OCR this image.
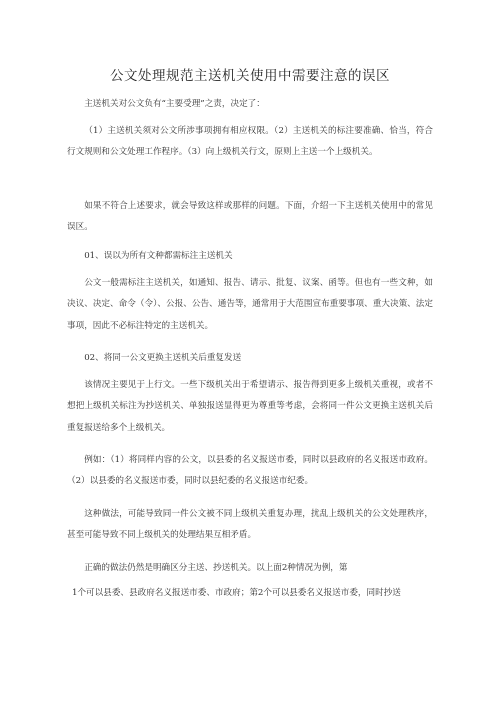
公文处理规范主送机关使用中需要注意的误区
主送机关对公文负有“主要受理”之责，决定了：
（1）主送机关须对公文所涉事项拥有相应权限。（2）主送机关的标注要准确、恰当，符合行文规则和公文处理工作程序。（3）向上级机关行文，原则上主送一个上级机关。
如果不符合上述要求，就会导致这样或那样的问题。下面，介绍一下主送机关使用中的常见误区。
01、误以为所有文种都需标注主送机关
公文一般需标注主送机关，如通知、报告、请示、批复、议案、函等。但也有一些文种，如决议、决定、命令（令）、公报、公告、通告等，通常用于大范围宣布重要事项、重大决策、法定事项，因此不必标注特定的主送机关。
02、将同一公文更换主送机关后重复发送
该情况主要见于上行文。一些下级机关出于希望请示、报告得到更多上级机关重视，或者不想把上级机关标注为抄送机关、单独报送显得更为尊重等考虑，会将同一件公文更换主送机关后重复报送给多个上级机关。
例如：（1）将同样内容的公文，以县委的名义报送市委，同时以县政府的名义报送市政府。（2）以县委的名义报送市委，同时以县纪委的名义报送市纪委。
这种做法，可能导致同一件公文被不同上级机关重复办理，扰乱上级机关的公文处理秩序，甚至可能导致不同上级机关的处理结果互相矛盾。
正确的做法仍然是明确区分主送、抄送机关。以上面2种情况为例，第
1个可以县委、县政府名义报送市委、市政府；第2个可以县委名义报送市委，同时抄送
